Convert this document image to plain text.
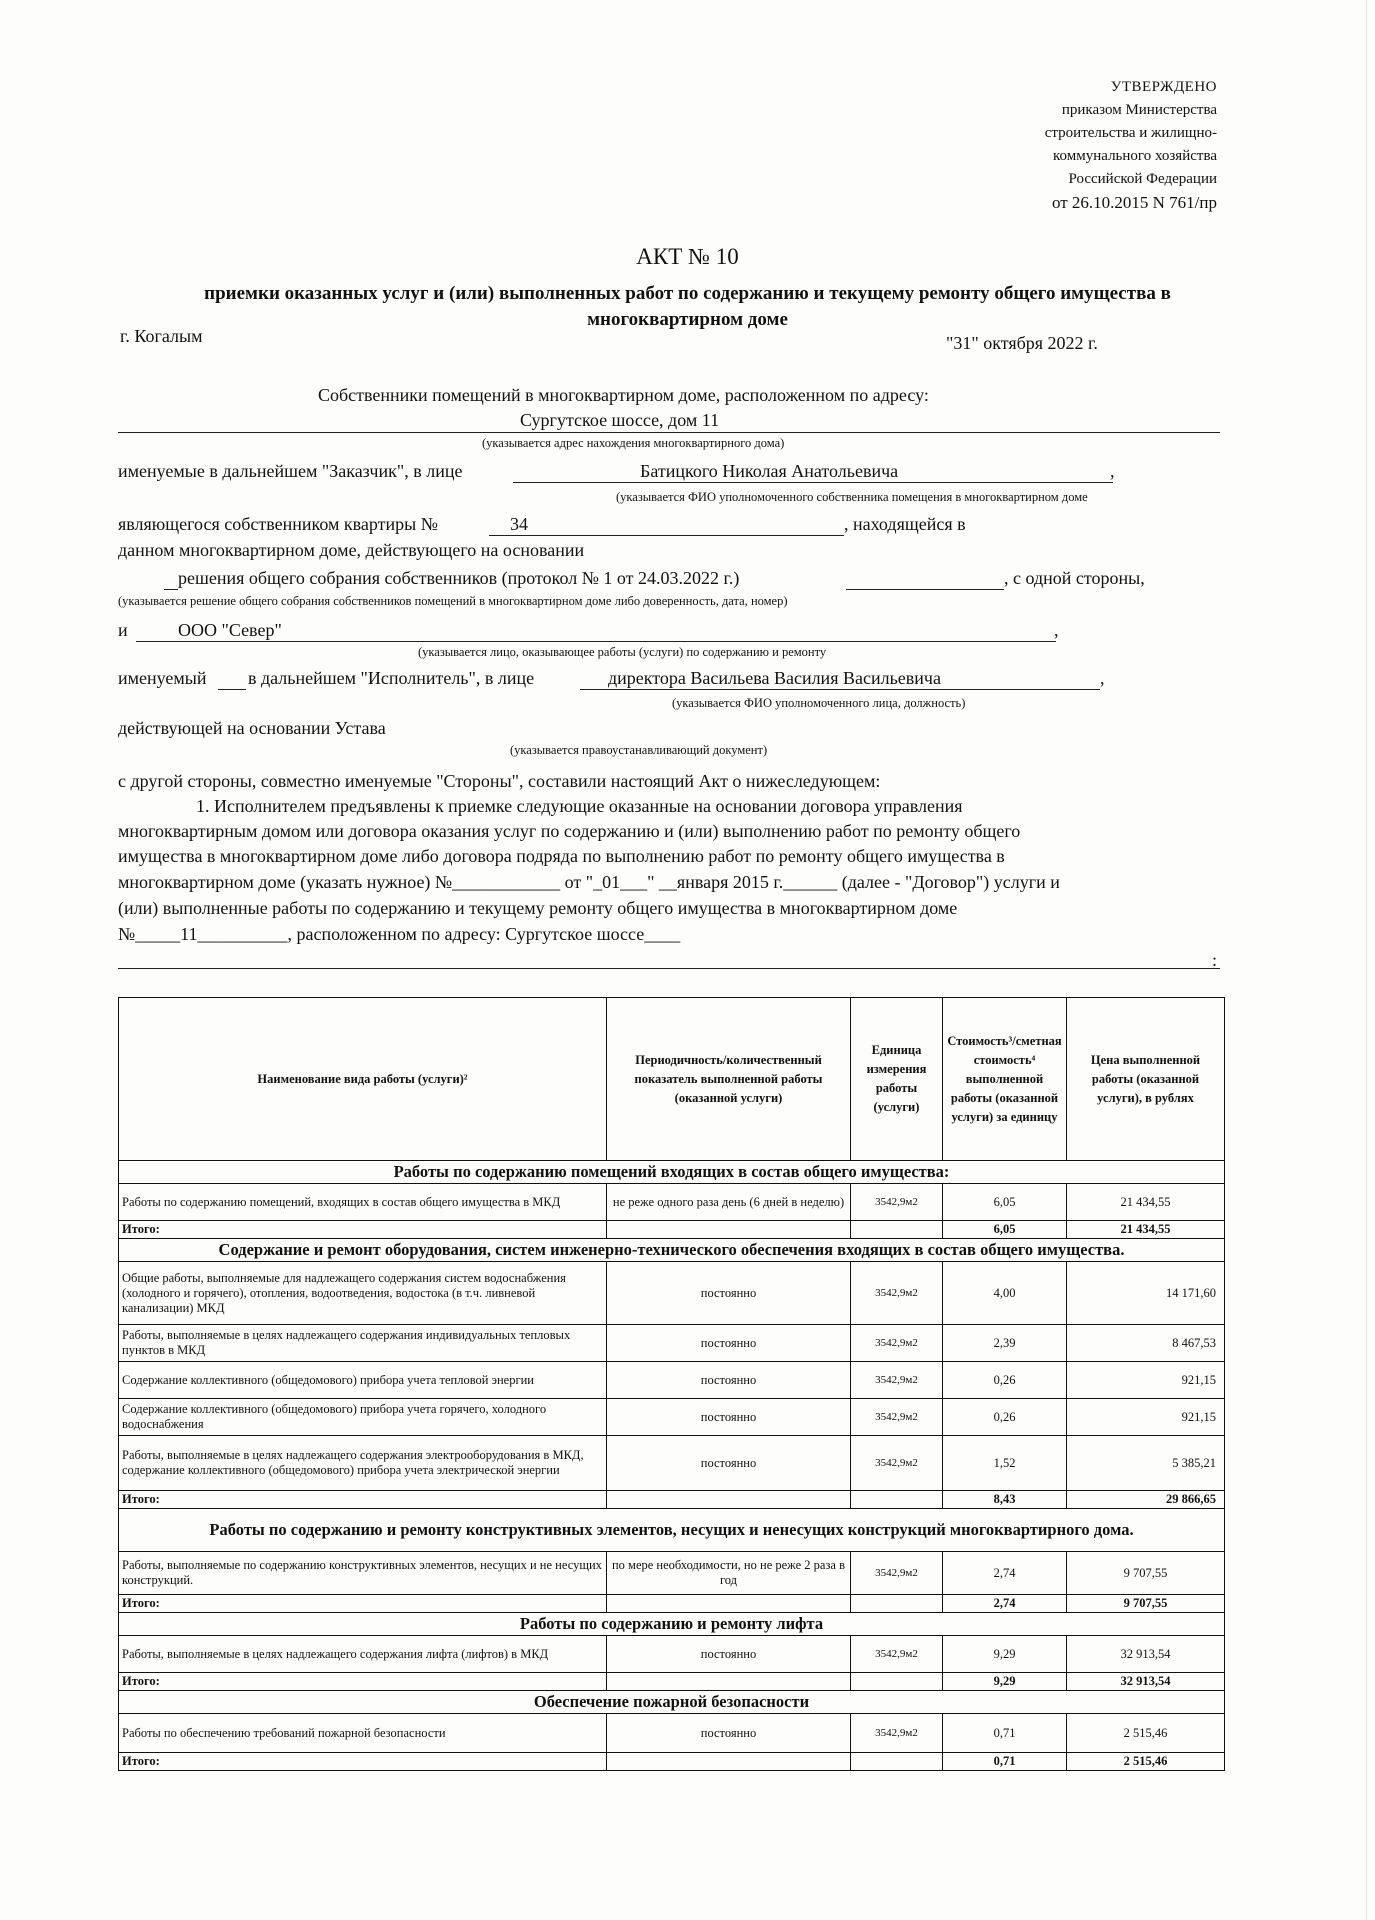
УТВЕРЖДЕНО
приказом Министерства
строительства и жилищно-
коммунального хозяйства
Российской Федерации
от 26.10.2015 N 761/пр
АКТ № 10
приемки оказанных услуг и (или) выполненных работ по содержанию и текущему ремонту общего имущества в многоквартирном доме
г. Когалым	"31" октября 2022 г.
Собственники помещений в многоквартирном доме, расположенном по адресу:
Сургутское шоссе, дом 11
(указывается адрес нахождения многоквартирного дома)
именуемые в дальнейшем "Заказчик", в лице	Батицкого Николая Анатольевича	,
(указывается ФИО уполномоченного собственника помещения в многоквартирном доме
являющегося собственником квартиры №	34	, находящейся в
данном многоквартирном доме, действующего на основании
решения общего собрания собственников (протокол № 1 от 24.03.2022 г.)	, с одной стороны,
(указывается решение общего собрания собственников помещений в многоквартирном доме либо доверенность, дата, номер)
и	ООО "Север"	,
(указывается лицо, оказывающее работы (услуги) по содержанию и ремонту
именуемый в дальнейшем "Исполнитель", в лице	директора Васильева Василия Васильевича	,
(указывается ФИО уполномоченного лица, должность)
действующей на основании Устава
(указывается правоустанавливающий документ)
с другой стороны, совместно именуемые "Стороны", составили настоящий Акт о нижеследующем:
1. Исполнителем предъявлены к приемке следующие оказанные на основании договора управления
многоквартирным домом или договора оказания услуг по содержанию и (или) выполнению работ по ремонту общего
имущества в многоквартирном доме либо договора подряда по выполнению работ по ремонту общего имущества в
многоквартирном доме (указать нужное) №____________ от "_01___" __января 2015 г.______ (далее - "Договор") услуги и
(или) выполненные работы по содержанию и текущему ремонту общего имущества в многоквартирном доме
№_____11__________, расположенном по адресу: Сургутское шоссе____
:
Наименование вида работы (услуги)²	Периодичность/количественный показатель выполненной работы (оказанной услуги)	Единица измерения работы (услуги)	Стоимость³/сметная стоимость⁴ выполненной работы (оказанной услуги) за единицу	Цена выполненной работы (оказанной услуги), в рублях
Работы по содержанию помещений входящих в состав общего имущества:				
Работы по содержанию помещений, входящих в состав общего имущества в МКД	не реже одного раза день (6 дней в неделю)	3542,9м2	6,05	21 434,55
Итого:			6,05	21 434,55
Содержание и ремонт оборудования, систем инженерно-технического обеспечения входящих в состав общего имущества.				
Общие работы, выполняемые для надлежащего содержания систем водоснабжения (холодного и горячего), отопления, водоотведения, водостока (в т.ч. ливневой канализации) МКД	постоянно	3542,9м2	4,00	14 171,60
Работы, выполняемые в целях надлежащего содержания индивидуальных тепловых пунктов в МКД	постоянно	3542,9м2	2,39	8 467,53
Содержание коллективного (общедомового) прибора учета тепловой энергии	постоянно	3542,9м2	0,26	921,15
Содержание коллективного (общедомового) прибора учета горячего, холодного водоснабжения	постоянно	3542,9м2	0,26	921,15
Работы, выполняемые в целях надлежащего содержания электрооборудования в МКД, содержание коллективного (общедомового) прибора учета электрической энергии	постоянно	3542,9м2	1,52	5 385,21
Итого:			8,43	29 866,65
Работы по содержанию и ремонту конструктивных элементов, несущих и ненесущих конструкций многоквартирного дома.				
Работы, выполняемые по содержанию конструктивных элементов, несущих и не несущих конструкций.	по мере необходимости, но не реже 2 раза в год	3542,9м2	2,74	9 707,55
Итого:			2,74	9 707,55
Работы по содержанию и ремонту лифта				
Работы, выполняемые в целях надлежащего содержания лифта (лифтов) в МКД	постоянно	3542,9м2	9,29	32 913,54
Итого:			9,29	32 913,54
Обеспечение пожарной безопасности				
Работы по обеспечению требований пожарной безопасности	постоянно	3542,9м2	0,71	2 515,46
Итого:			0,71	2 515,46
